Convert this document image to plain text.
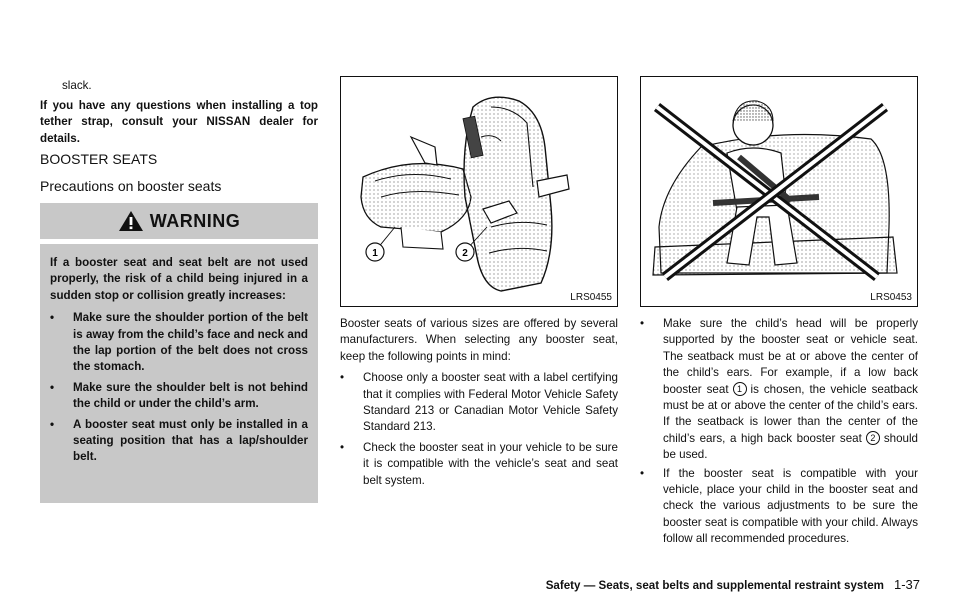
slack.

If you have any questions when installing a top tether strap, consult your NISSAN dealer for details.

BOOSTER SEATS
Precautions on booster seats
WARNING

If a booster seat and seat belt are not used properly, the risk of a child being injured in a sudden stop or collision greatly increases:

• Make sure the shoulder portion of the belt is away from the child’s face and neck and the lap portion of the belt does not cross the stomach.
• Make sure the shoulder belt is not behind the child or under the child’s arm.
• A booster seat must only be installed in a seating position that has a lap/shoulder belt.
1	2
LRS0455	LRS0453

Booster seats of various sizes are offered by several manufacturers. When selecting any booster seat, keep the following points in mind:

• Choose only a booster seat with a label certifying that it complies with Federal Motor Vehicle Safety Standard 213 or Canadian Motor Vehicle Safety Standard 213.
• Check the booster seat in your vehicle to be sure it is compatible with the vehicle’s seat and seat belt system.
• Make sure the child’s head will be properly supported by the booster seat or vehicle seat. The seatback must be at or above the center of the child’s ears. For example, if a low back booster seat 1 is chosen, the vehicle seatback must be at or above the center of the child’s ears. If the seatback is lower than the center of the child’s ears, a high back booster seat 2 should be used.
• If the booster seat is compatible with your vehicle, place your child in the booster seat and check the various adjustments to be sure the booster seat is compatible with your child. Always follow all recommended procedures.
Safety — Seats, seat belts and supplemental restraint system 1-37
